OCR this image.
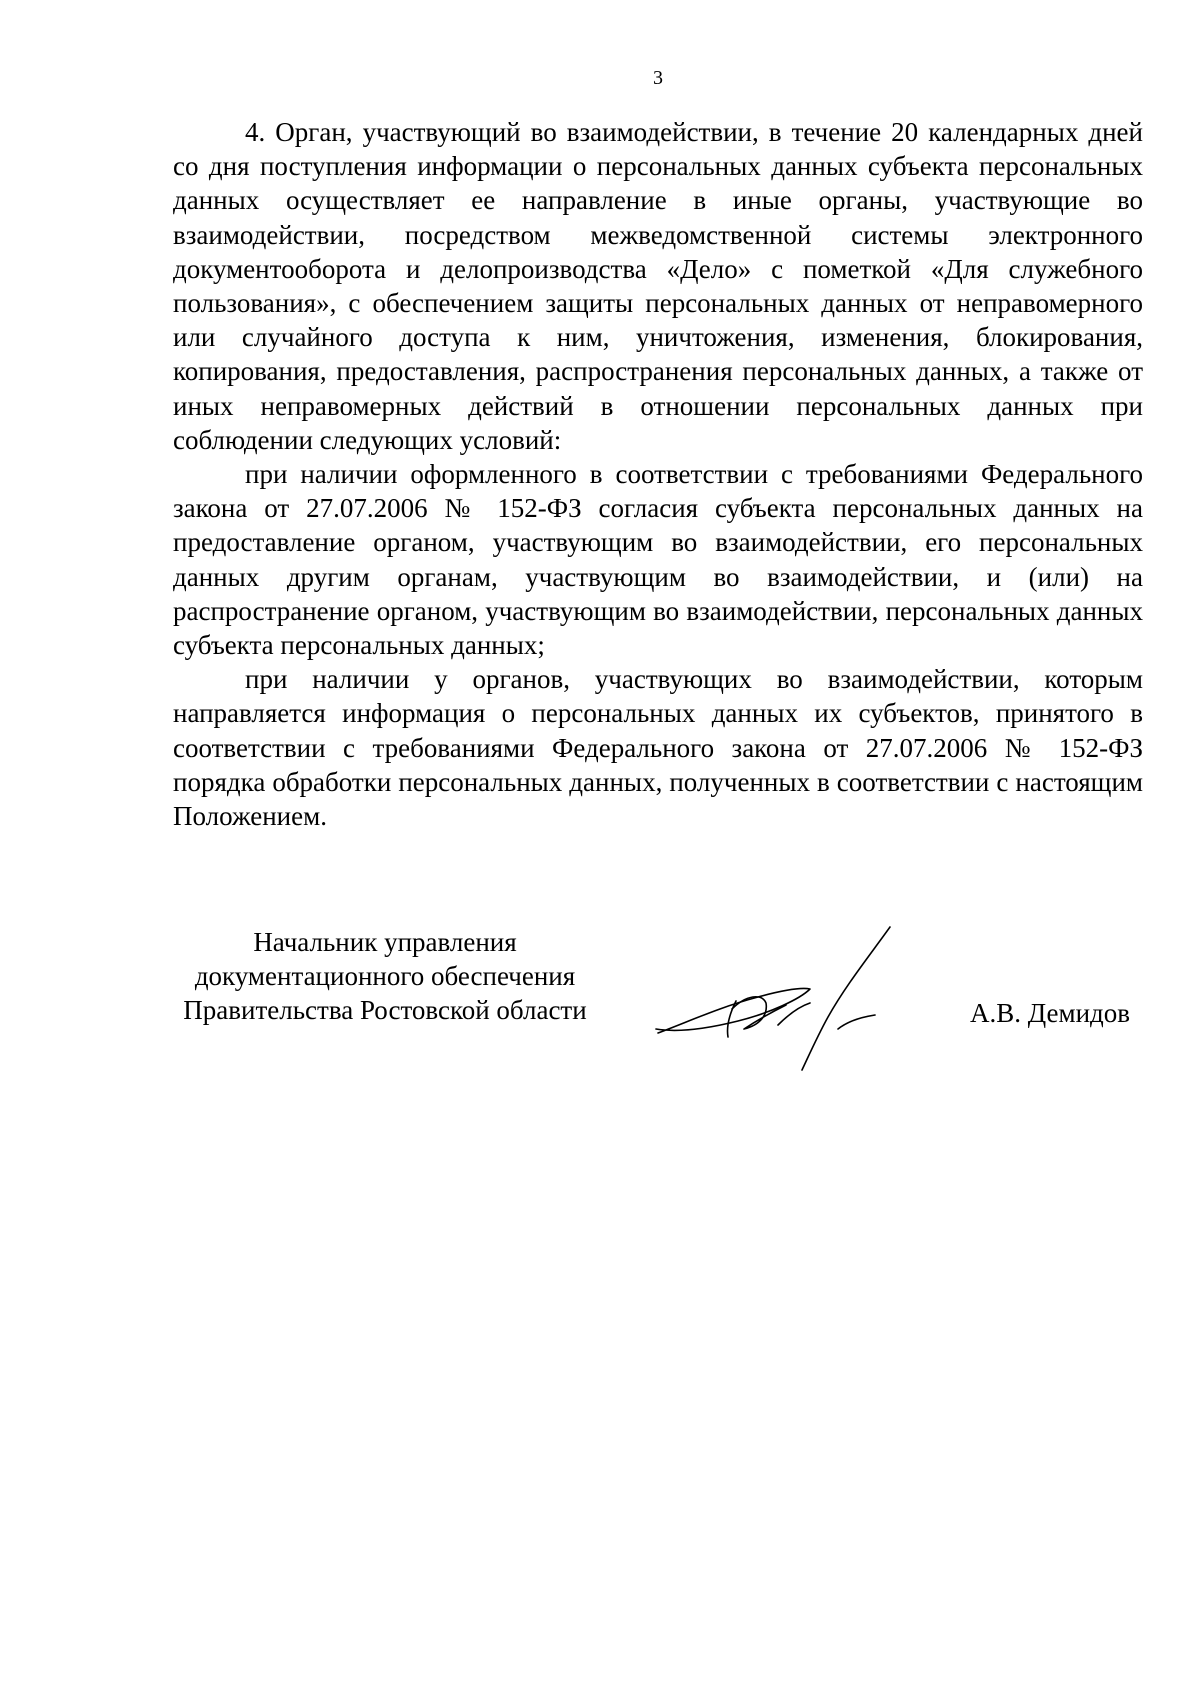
3

4. Орган, участвующий во взаимодействии, в течение 20 календарных дней со дня поступления информации о персональных данных субъекта персональных данных осуществляет ее направление в иные органы, участвующие во взаимодействии, посредством межведомственной системы электронного документооборота и делопроизводства «Дело» с пометкой «Для служебного пользования», с обеспечением защиты персональных данных от неправомерного или случайного доступа к ним, уничтожения, изменения, блокирования, копирования, предоставления, распространения персональных данных, а также от иных неправомерных действий в отношении персональных данных при соблюдении следующих условий:

при наличии оформленного в соответствии с требованиями Федерального закона от 27.07.2006 № 152-ФЗ согласия субъекта персональных данных на предоставление органом, участвующим во взаимодействии, его персональных данных другим органам, участвующим во взаимодействии, и (или) на распространение органом, участвующим во взаимодействии, персональных данных субъекта персональных данных;

при наличии у органов, участвующих во взаимодействии, которым направляется информация о персональных данных их субъектов, принятого в соответствии с требованиями Федерального закона от 27.07.2006 № 152-ФЗ порядка обработки персональных данных, полученных в соответствии с настоящим Положением.

Начальник управления
документационного обеспечения
Правительства Ростовской области	А.В. Демидов
